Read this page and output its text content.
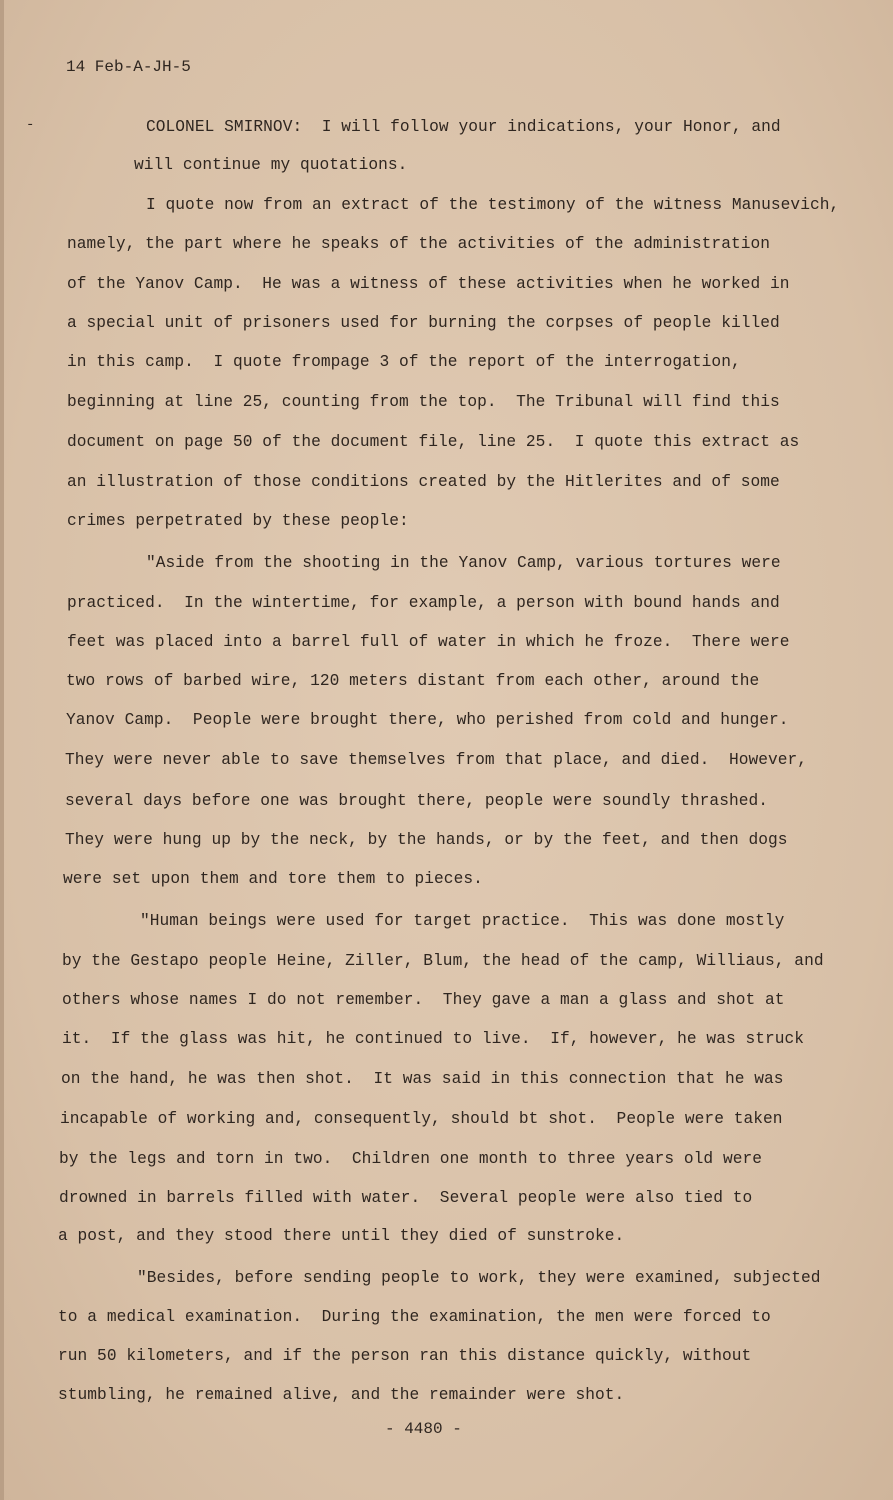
14 Feb-A-JH-5
-	COLONEL SMIRNOV:  I will follow your indications, your Honor, and
will continue my quotations.
I quote now from an extract of the testimony of the witness Manusevich,
namely, the part where he speaks of the activities of the administration
of the Yanov Camp.  He was a witness of these activities when he worked in
a special unit of prisoners used for burning the corpses of people killed
in this camp.  I quote frompage 3 of the report of the interrogation,
beginning at line 25, counting from the top.  The Tribunal will find this
document on page 50 of the document file, line 25.  I quote this extract as
an illustration of those conditions created by the Hitlerites and of some
crimes perpetrated by these people:
"Aside from the shooting in the Yanov Camp, various tortures were
practiced.  In the wintertime, for example, a person with bound hands and
feet was placed into a barrel full of water in which he froze.  There were
two rows of barbed wire, 120 meters distant from each other, around the
Yanov Camp.  People were brought there, who perished from cold and hunger.
They were never able to save themselves from that place, and died.  However,
several days before one was brought there, people were soundly thrashed.
They were hung up by the neck, by the hands, or by the feet, and then dogs
were set upon them and tore them to pieces.
"Human beings were used for target practice.  This was done mostly
by the Gestapo people Heine, Ziller, Blum, the head of the camp, Williaus, and
others whose names I do not remember.  They gave a man a glass and shot at
it.  If the glass was hit, he continued to live.  If, however, he was struck
on the hand, he was then shot.  It was said in this connection that he was
incapable of working and, consequently, should bt shot.  People were taken
by the legs and torn in two.  Children one month to three years old were
drowned in barrels filled with water.  Several people were also tied to
a post, and they stood there until they died of sunstroke.
"Besides, before sending people to work, they were examined, subjected
to a medical examination.  During the examination, the men were forced to
run 50 kilometers, and if the person ran this distance quickly, without
stumbling, he remained alive, and the remainder were shot.
- 4480 -
